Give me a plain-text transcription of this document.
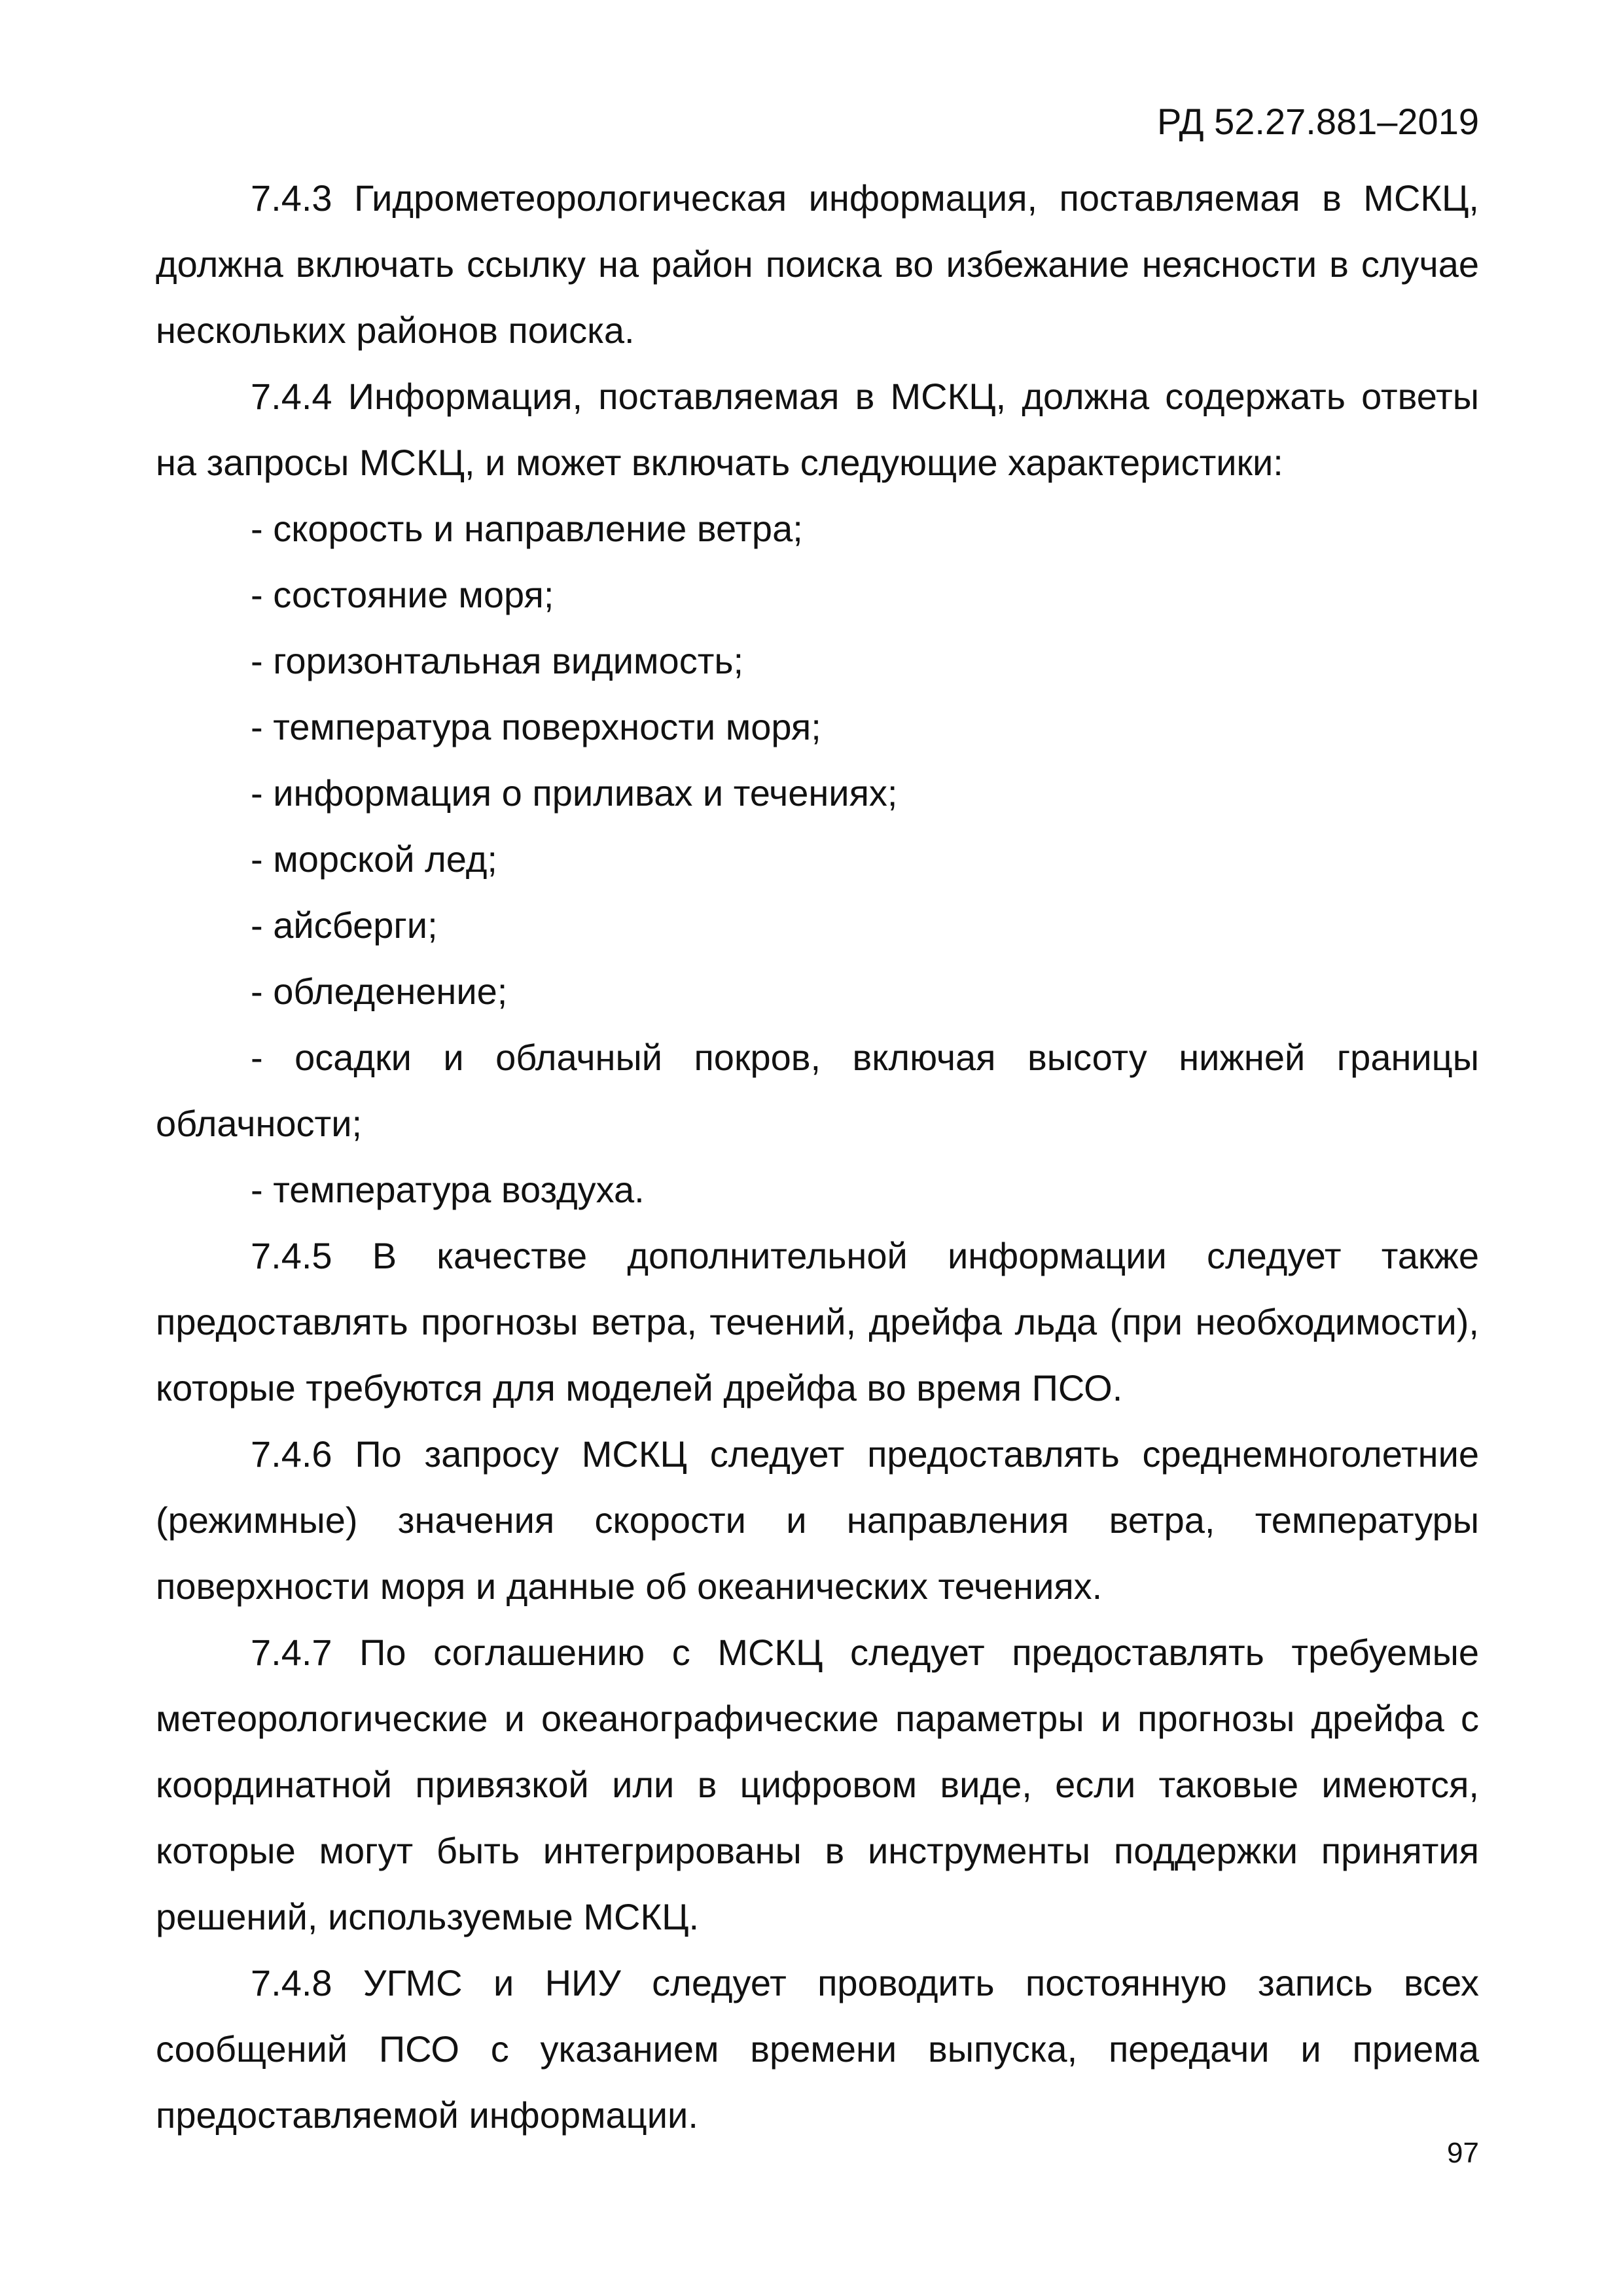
РД 52.27.881–2019

7.4.3 Гидрометеорологическая информация, поставляемая в МСКЦ, должна включать ссылку на район поиска во избежание неясности в случае нескольких районов поиска.

7.4.4 Информация, поставляемая в МСКЦ, должна содержать ответы на запросы МСКЦ, и может включать следующие характеристики:

- скорость и направление ветра;

- состояние моря;

- горизонтальная видимость;

- температура поверхности моря;

- информация о приливах и течениях;

- морской лед;

- айсберги;

- обледенение;

- осадки и облачный покров, включая высоту нижней границы облачности;

- температура воздуха.

7.4.5 В качестве дополнительной информации следует также предоставлять прогнозы ветра, течений, дрейфа льда (при необходимости), которые требуются для моделей дрейфа во время ПСО.

7.4.6 По запросу МСКЦ следует предоставлять среднемноголетние (режимные) значения скорости и направления ветра, температуры поверхности моря и данные об океанических течениях.

7.4.7 По соглашению с МСКЦ следует предоставлять требуемые метеорологические и океанографические параметры и прогнозы дрейфа с координатной привязкой или в цифровом виде, если таковые имеются, которые могут быть интегрированы в инструменты поддержки принятия решений, используемые МСКЦ.

7.4.8 УГМС и НИУ следует проводить постоянную запись всех сообщений ПСО с указанием времени выпуска, передачи и приема предоставляемой информации.

97
